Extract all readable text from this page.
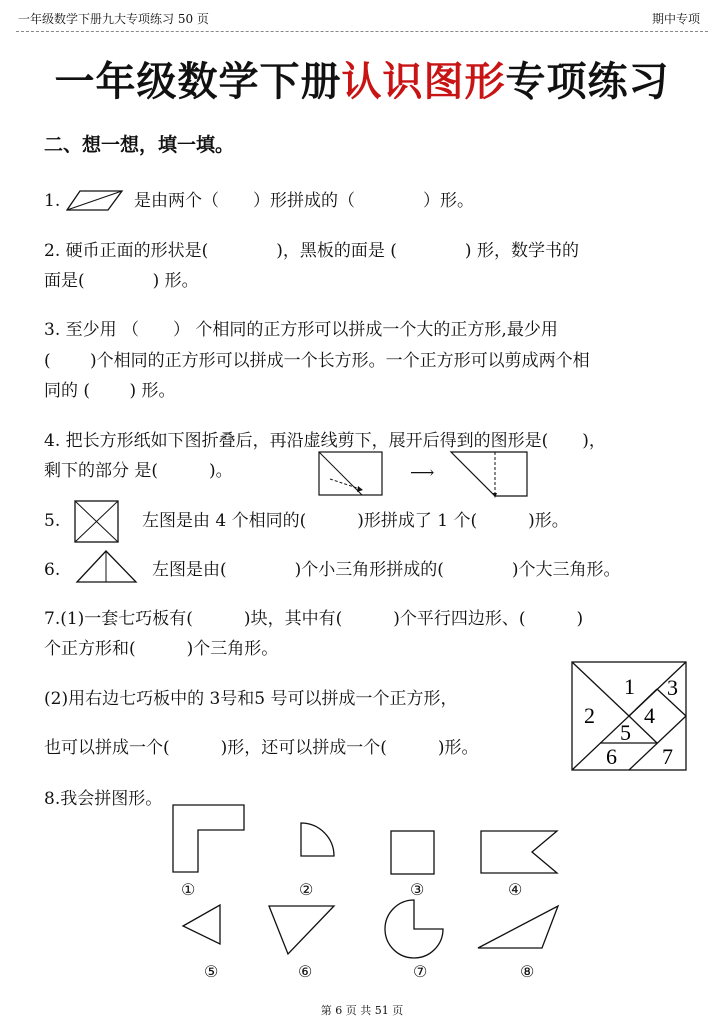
一年级数学下册九大专项练习 50 页	期中专项
一年级数学下册认识图形专项练习
二、想一想，填一填。
1.	是由两个（　　）形拼成的（　　　　）形。
2. 硬币正面的形状是(　　　　)，黑板的面是 (　　　　) 形，数学书的
面是(　　　　) 形。
3. 至少用 （　　） 个相同的正方形可以拼成一个大的正方形,最少用
(　　 )个相同的正方形可以拼成一个长方形。一个正方形可以剪成两个相
同的 (　　 ) 形。
4. 把长方形纸如下图折叠后，再沿虚线剪下，展开后得到的图形是(　　)，
剩下的部分 是(　　　)。	⟶
5.	左图是由 4 个相同的(　　　)形拼成了 1 个(　　　)形。
6.	左图是由(　　　　)个小三角形拼成的(　　　　)个大三角形。
7.(1)一套七巧板有(　　　)块，其中有(　　　)个平行四边形、(　　　)
个正方形和(　　　)个三角形。
(2)用右边七巧板中的 3号和5 号可以拼成一个正方形，
也可以拼成一个(　　　)形，还可以拼成一个(　　　)形。
1
2
3
4
5
6 7
8.我会拼图形。
①	②	③	④
⑤	⑥	⑦	⑧
第 6 页 共 51 页
